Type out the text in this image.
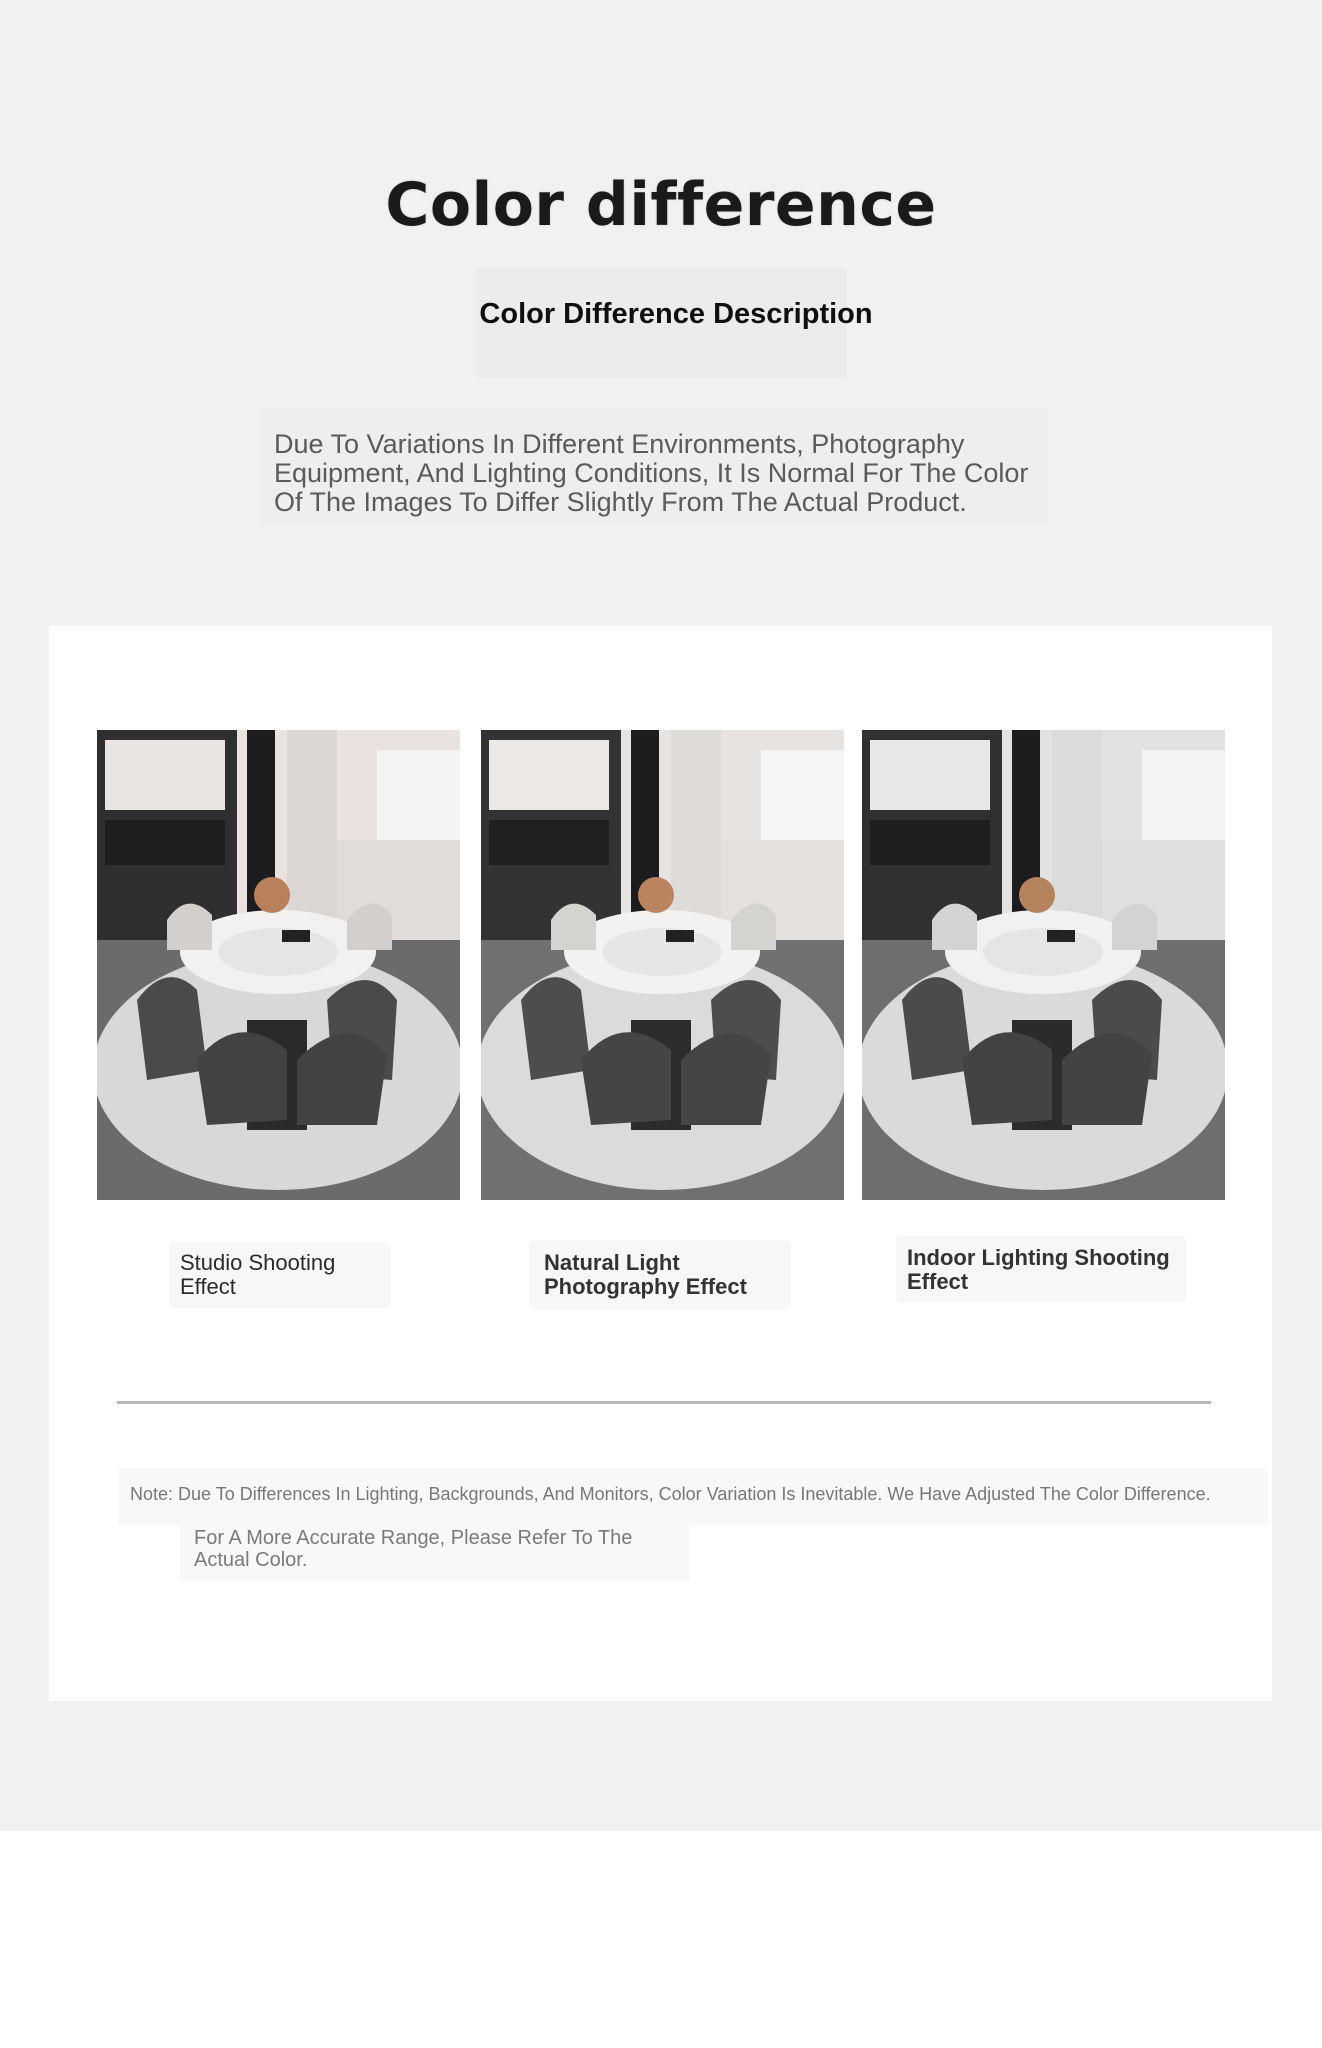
Color difference
Color Difference Description
Due To Variations In Different Environments, Photography Equipment, And Lighting Conditions, It Is Normal For The Color Of The Images To Differ Slightly From The Actual Product.
Studio Shooting Effect
Natural Light Photography Effect
Indoor Lighting Shooting Effect
Note: Due To Differences In Lighting, Backgrounds, And Monitors, Color Variation Is Inevitable. We Have Adjusted The Color Difference.
For A More Accurate Range, Please Refer To The Actual Color.
